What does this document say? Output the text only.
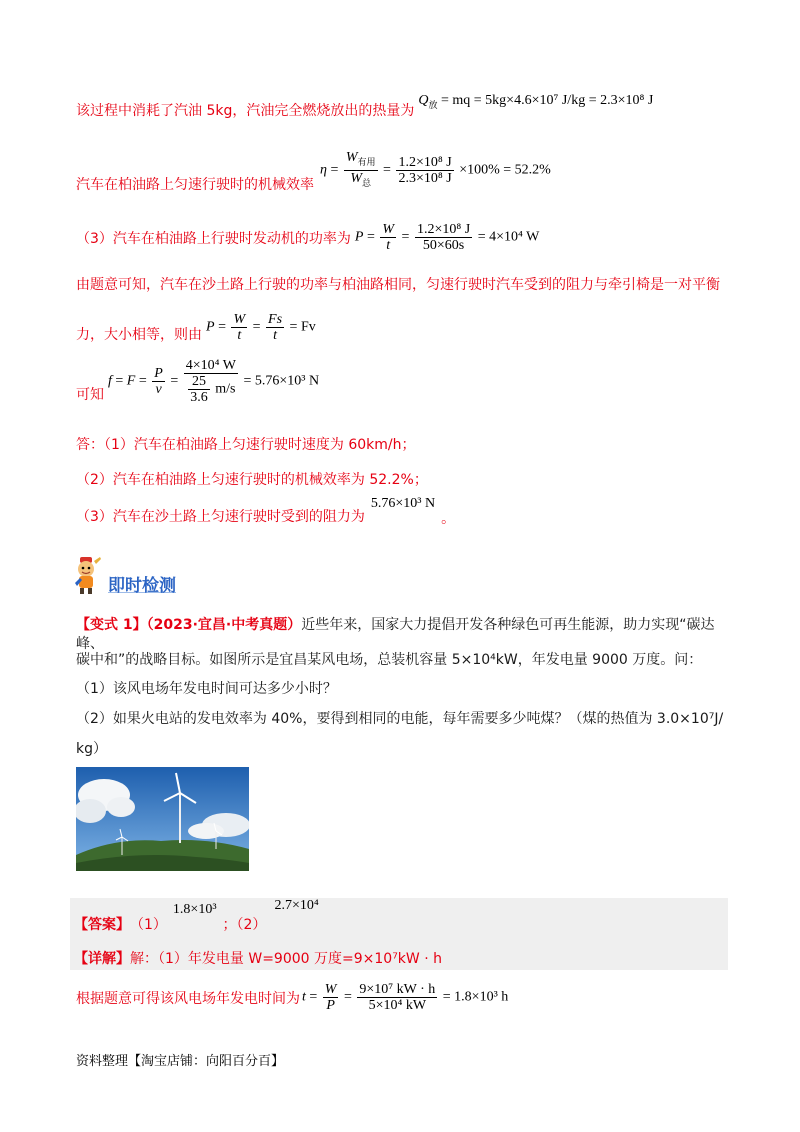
该过程中消耗了汽油 5kg，汽油完全燃烧放出的热量为
$Q_放$ = mq = 5kg×4.6×10⁷ J/kg = 2.3×10⁸ J
汽车在柏油路上匀速行驶时的机械效率
$\eta = \frac{W_{有用}}{W_总} = \frac{\text{1.2×10⁸ J}}{\text{2.3×10⁸ J}} \times 100\% = 52.2\%$
（3）汽车在柏油路上行驶时发动机的功率为 $P = \frac{W}{t} = \frac{\text{1.2×10⁸ J}}{50\times 60s} = 4\times 10^4$ W
由题意可知，汽车在沙土路上行驶的功率与柏油路相同，匀速行驶时汽车受到的阻力与牵引椅是一对平衡
力，大小相等，则由 $P = \frac{W}{t} = \frac{Fs}{t} = Fv$
可知
$f = F = \frac{P}{v} = \frac{\text{4×10⁴ W}}{\frac{25}{3.6} m/s} = 5.76\times 10^3$ N
答：（1）汽车在柏油路上匀速行驶时速度为 60km/h；
（2）汽车在柏油路上匀速行驶时的机械效率为 52.2%；
（3）汽车在沙土路上匀速行驶时受到的阻力为
5.76×10³ N
。
即时检测
【变式 1】（2023·宜昌·中考真题）近些年来，国家大力提倡开发各种绿色可再生能源，助力实现“碳达峰、
碳中和”的战略目标。如图所示是宜昌某风电场，总装机容量 5×10⁴kW，年发电量 9000 万度。问：
（1）该风电场年发电时间可达多少小时？
（2）如果火电站的发电效率为 40%，要得到相同的电能，每年需要多少吨煤？（煤的热值为 3.0×10⁷J/
kg）
【答案】 （1）
1.8×10³
；（2）
2.7×10⁴
【详解】 解：（1）年发电量 W=9000 万度=9×10⁷kW · h
根据题意可得该风电场年发电时间为 $t = \frac{W}{P} = \frac{\text{9×10⁷ kW · h}}{\text{5×10⁴ kW}} = 1.8\times 10^3$ h
资料整理【淘宝店铺：向阳百分百】
